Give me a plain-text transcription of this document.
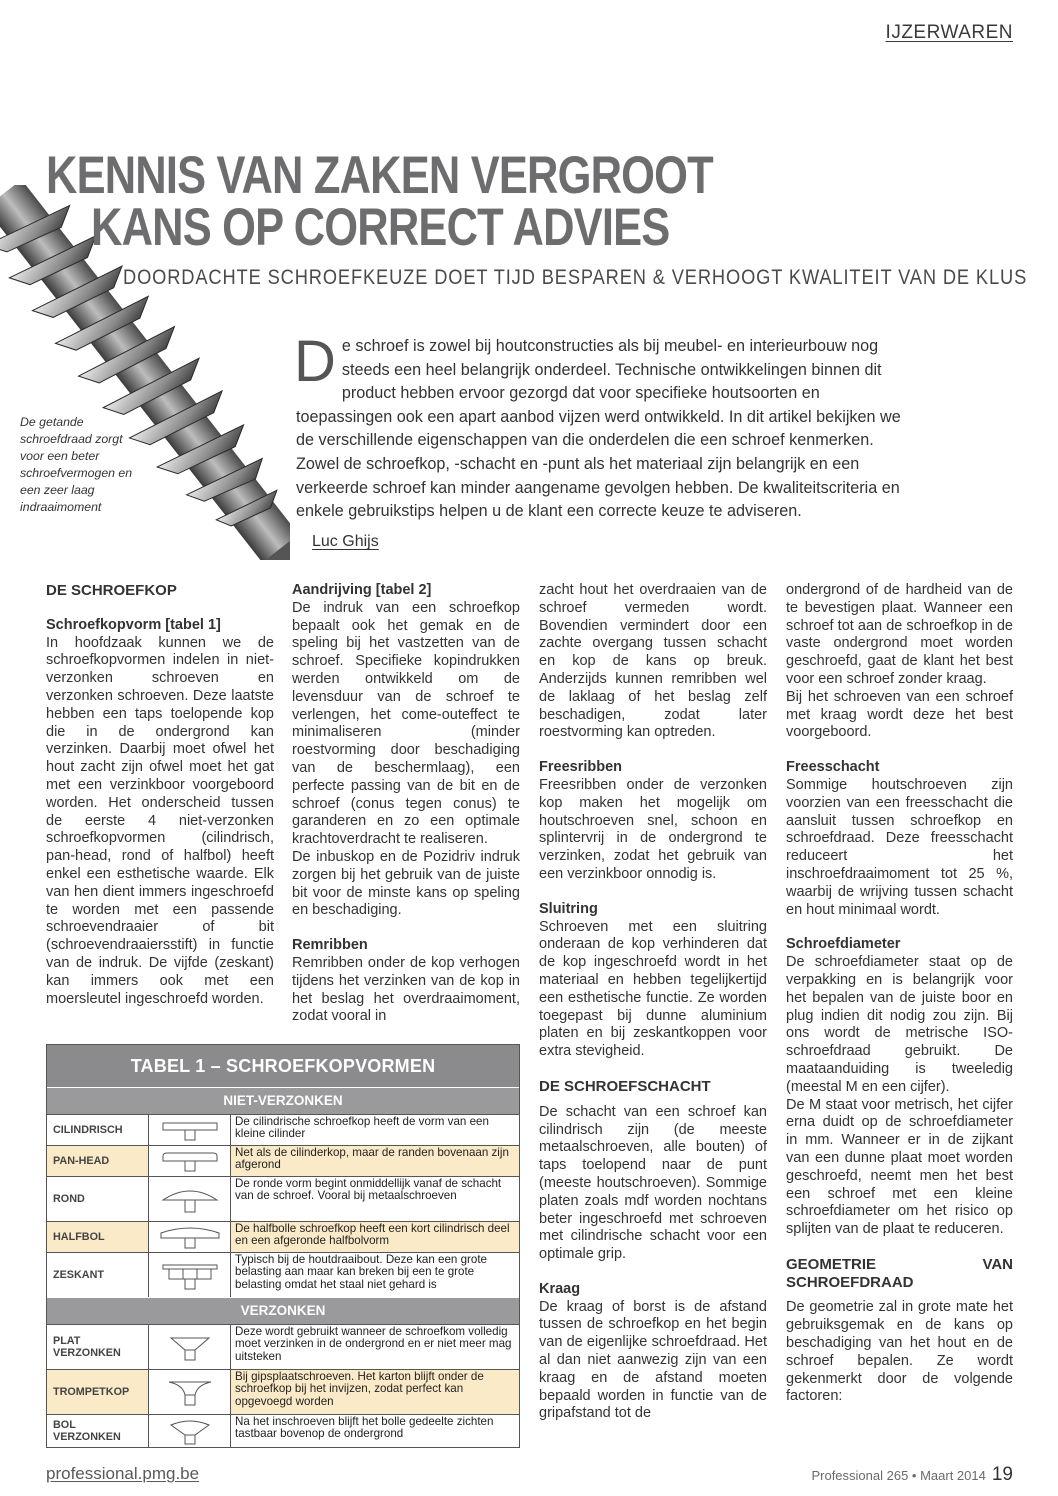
IJZERWAREN
KENNIS VAN ZAKEN VERGROOT
KANS OP CORRECT ADVIES
DOORDACHTE SCHROEFKEUZE DOET TIJD BESPAREN & VERHOOGT KWALITEIT VAN DE KLUS
De getande schroefdraad zorgt voor een beter schroefvermogen en een zeer laag indraaimoment
D e schroef is zowel bij houtconstructies als bij meubel- en interieurbouw nog steeds een heel belangrijk onderdeel. Technische ontwikkelingen binnen dit product hebben ervoor gezorgd dat voor specifieke houtsoorten en toepassingen ook een apart aanbod vijzen werd ontwikkeld. In dit artikel bekijken we de verschillende eigenschappen van die onderdelen die een schroef kenmerken. Zowel de schroefkop, -schacht en -punt als het materiaal zijn belangrijk en een verkeerde schroef kan minder aangename gevolgen hebben. De kwaliteitscriteria en enkele gebruikstips helpen u de klant een correcte keuze te adviseren.
Luc Ghijs
DE SCHROEFKOP
Schroefkopvorm [tabel 1]

In hoofdzaak kunnen we de schroefkopvormen indelen in niet-verzonken schroeven en verzonken schroeven. Deze laatste hebben een taps toelopende kop die in de ondergrond kan verzinken. Daarbij moet ofwel het hout zacht zijn ofwel moet het gat met een verzinkboor voorgeboord worden. Het onderscheid tussen de eerste 4 niet-verzonken schroefkopvormen (cilindrisch, pan-head, rond of halfbol) heeft enkel een esthetische waarde. Elk van hen dient immers ingeschroefd te worden met een passende schroevendraaier of bit (schroevendraaiersstift) in functie van de indruk. De vijfde (zeskant) kan immers ook met een moersleutel ingeschroefd worden.

Aandrijving [tabel 2]

De indruk van een schroefkop bepaalt ook het gemak en de speling bij het vastzetten van de schroef. Specifieke kopindrukken werden ontwikkeld om de levensduur van de schroef te verlengen, het come-outeffect te minimaliseren (minder roestvorming door beschadiging van de beschermlaag), een perfecte passing van de bit en de schroef (conus tegen conus) te garanderen en zo een optimale krachtoverdracht te realiseren.

De inbuskop en de Pozidriv indruk zorgen bij het gebruik van de juiste bit voor de minste kans op speling en beschadiging.

Remribben

Remribben onder de kop verhogen tijdens het verzinken van de kop in het beslag het overdraaimoment, zodat vooral in

zacht hout het overdraaien van de schroef vermeden wordt. Bovendien vermindert door een zachte overgang tussen schacht en kop de kans op breuk. Anderzijds kunnen remribben wel de laklaag of het beslag zelf beschadigen, zodat later roestvorming kan optreden.

Freesribben

Freesribben onder de verzonken kop maken het mogelijk om houtschroeven snel, schoon en splintervrij in de ondergrond te verzinken, zodat het gebruik van een verzinkboor onnodig is.

Sluitring

Schroeven met een sluitring onderaan de kop verhinderen dat de kop ingeschroefd wordt in het materiaal en hebben tegelijkertijd een esthetische functie. Ze worden toegepast bij dunne aluminium platen en bij zeskantkoppen voor extra stevigheid.

DE SCHROEFSCHACHT

De schacht van een schroef kan cilindrisch zijn (de meeste metaalschroeven, alle bouten) of taps toelopend naar de punt (meeste houtschroeven). Sommige platen zoals mdf worden nochtans beter ingeschroefd met schroeven met cilindrische schacht voor een optimale grip.

Kraag

De kraag of borst is de afstand tussen de schroefkop en het begin van de eigenlijke schroefdraad. Het al dan niet aanwezig zijn van een kraag en de afstand moeten bepaald worden in functie van de gripafstand tot de

ondergrond of de hardheid van de te bevestigen plaat. Wanneer een schroef tot aan de schroefkop in de vaste ondergrond moet worden geschroefd, gaat de klant het best voor een schroef zonder kraag.

Bij het schroeven van een schroef met kraag wordt deze het best voorgeboord.

Freesschacht

Sommige houtschroeven zijn voorzien van een freesschacht die aansluit tussen schroefkop en schroefdraad. Deze freesschacht reduceert het inschroefdraaimoment tot 25 %, waarbij de wrijving tussen schacht en hout minimaal wordt.

Schroefdiameter

De schroefdiameter staat op de verpakking en is belangrijk voor het bepalen van de juiste boor en plug indien dit nodig zou zijn. Bij ons wordt de metrische ISO-schroefdraad gebruikt. De maataanduiding is tweeledig (meestal M en een cijfer).

De M staat voor metrisch, het cijfer erna duidt op de schroefdiameter in mm. Wanneer er in de zijkant van een dunne plaat moet worden geschroefd, neemt men het best een schroef met een kleine schroefdiameter om het risico op splijten van de plaat te reduceren.

GEOMETRIE VAN SCHROEFDRAAD

De geometrie zal in grote mate het gebruiksgemak en de kans op beschadiging van het hout en de schroef bepalen. Ze wordt gekenmerkt door de volgende factoren:

TABEL 1 – SCHROEFKOPVORMEN
NIET-VERZONKEN
CILINDRISCH
De cilindrische schroefkop heeft de vorm van een kleine cilinder
PAN-HEAD
Net als de cilinderkop, maar de randen bovenaan zijn afgerond
ROND
De ronde vorm begint onmiddellijk vanaf de schacht van de schroef. Vooral bij metaalschroeven
HALFBOL
De halfbolle schroefkop heeft een kort cilindrisch deel en een afgeronde halfbolvorm
ZESKANT
Typisch bij de houtdraaibout. Deze kan een grote belasting aan maar kan breken bij een te grote belasting omdat het staal niet gehard is
VERZONKEN
PLAT VERZONKEN
Deze wordt gebruikt wanneer de schroefkom volledig moet verzinken in de ondergrond en er niet meer mag uitsteken
TROMPETKOP
Bij gipsplaatschroeven. Het karton blijft onder de schroefkop bij het invijzen, zodat perfect kan opgevoegd worden
BOL VERZONKEN
Na het inschroeven blijft het bolle gedeelte zichten tastbaar bovenop de ondergrond
professional.pmg.be	Professional 265 • Maart 2014 19
